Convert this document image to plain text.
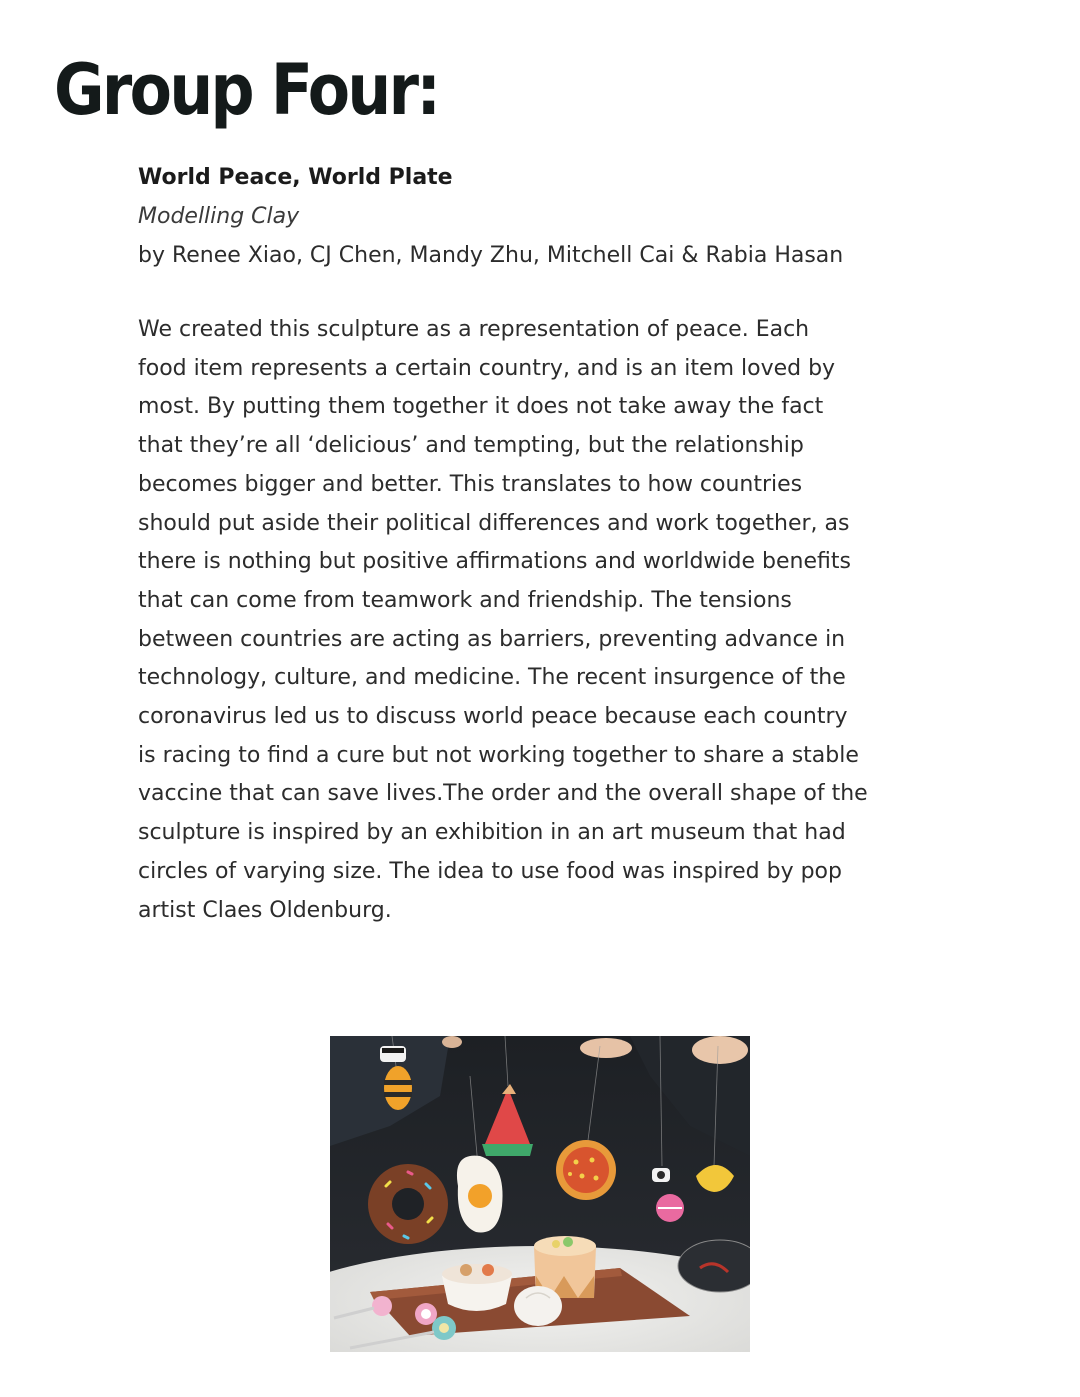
Group Four:
World Peace, World Plate
Modelling Clay
by Renee Xiao, CJ Chen, Mandy Zhu, Mitchell Cai & Rabia Hasan
We created this sculpture as a representation of peace. Each
food item represents a certain country, and is an item loved by
most. By putting them together it does not take away the fact
that they’re all ‘delicious’ and tempting, but the relationship
becomes bigger and better. This translates to how countries
should put aside their political differences and work together, as
there is nothing but positive affirmations and worldwide benefits
that can come from teamwork and friendship. The tensions
between countries are acting as barriers, preventing advance in
technology, culture, and medicine. The recent insurgence of the
coronavirus led us to discuss world peace because each country
is racing to find a cure but not working together to share a stable
vaccine that can save lives.The order and the overall shape of the
sculpture is inspired by an exhibition in an art museum that had
circles of varying size. The idea to use food was inspired by pop
artist Claes Oldenburg.
